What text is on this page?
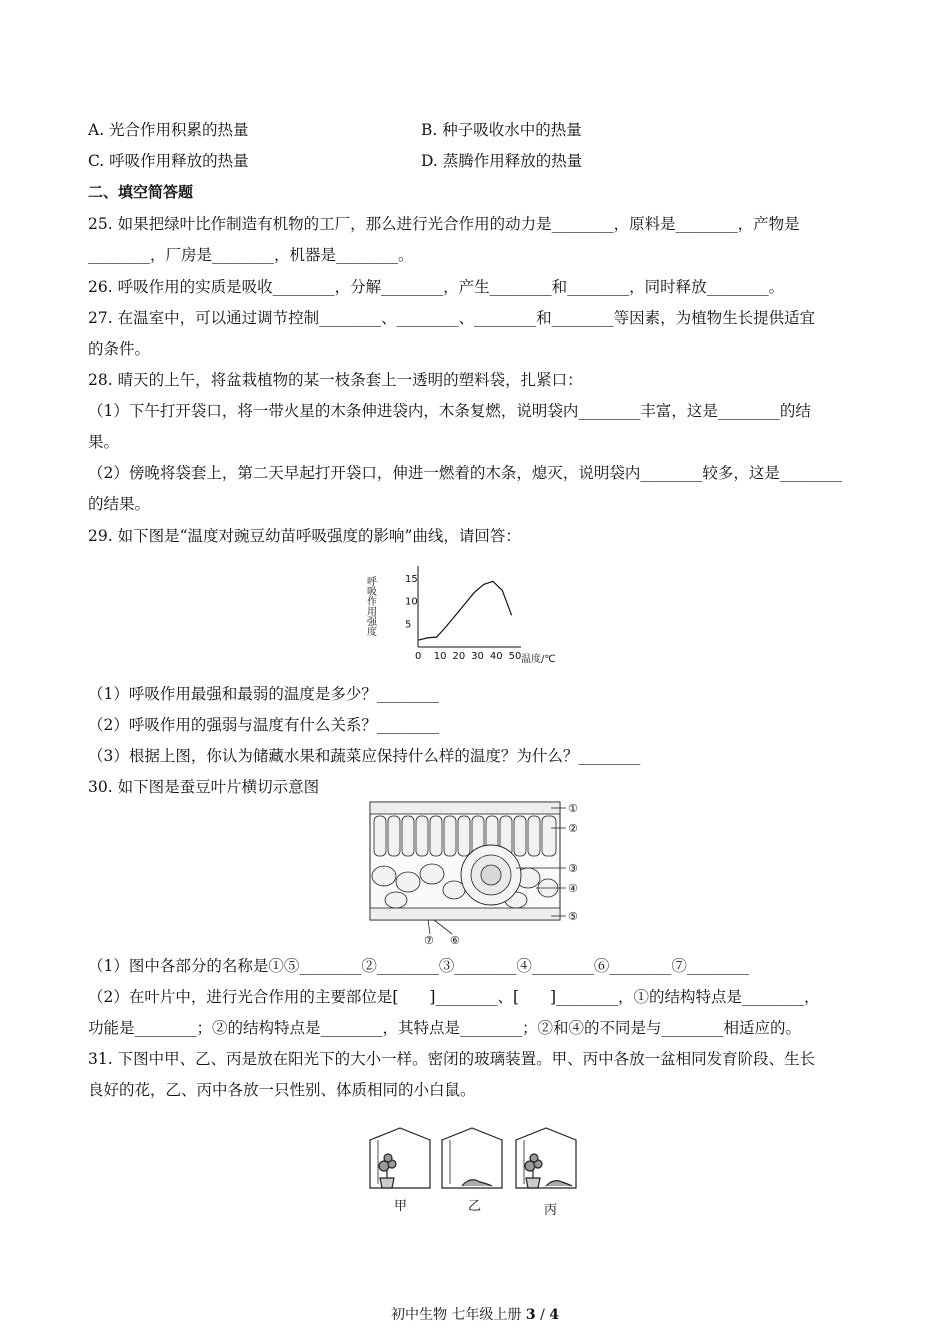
A. 光合作用积累的热量	B. 种子吸收水中的热量
C. 呼吸作用释放的热量	D. 蒸腾作用释放的热量
二、填空简答题
25. 如果把绿叶比作制造有机物的工厂，那么进行光合作用的动力是________，原料是________，产物是
________，厂房是________，机器是________。
26. 呼吸作用的实质是吸收________，分解________，产生________和________，同时释放________。
27. 在温室中，可以通过调节控制________、________、________和________等因素，为植物生长提供适宜
的条件。
28. 晴天的上午，将盆栽植物的某一枝条套上一透明的塑料袋，扎紧口：
（1）下午打开袋口，将一带火星的木条伸进袋内，木条复燃，说明袋内________丰富，这是________的结
果。
（2）傍晚将袋套上，第二天早起打开袋口，伸进一燃着的木条，熄灭，说明袋内________较多，这是________
的结果。
29. 如下图是“温度对豌豆幼苗呼吸强度的影响”曲线，请回答：
呼吸作用强度	5
10
15
0 10 20 30 40 50 温度/℃
（1）呼吸作用最强和最弱的温度是多少？________
（2）呼吸作用的强弱与温度有什么关系？________
（3）根据上图，你认为储藏水果和蔬菜应保持什么样的温度？为什么？________
30. 如下图是蚕豆叶片横切示意图
①
②
③
④
⑤
⑥
⑦
（1）图中各部分的名称是①⑤________②________③________④________⑥________⑦________
（2）在叶片中，进行光合作用的主要部位是[　　]________、[　　]________，①的结构特点是________，
功能是________；②的结构特点是________，其特点是________；②和④的不同是与________相适应的。
31. 下图中甲、乙、丙是放在阳光下的大小一样。密闭的玻璃装置。甲、丙中各放一盆相同发育阶段、生长
良好的花，乙、丙中各放一只性别、体质相同的小白鼠。
甲	乙	丙
初中生物 七年级上册 3 / 4
